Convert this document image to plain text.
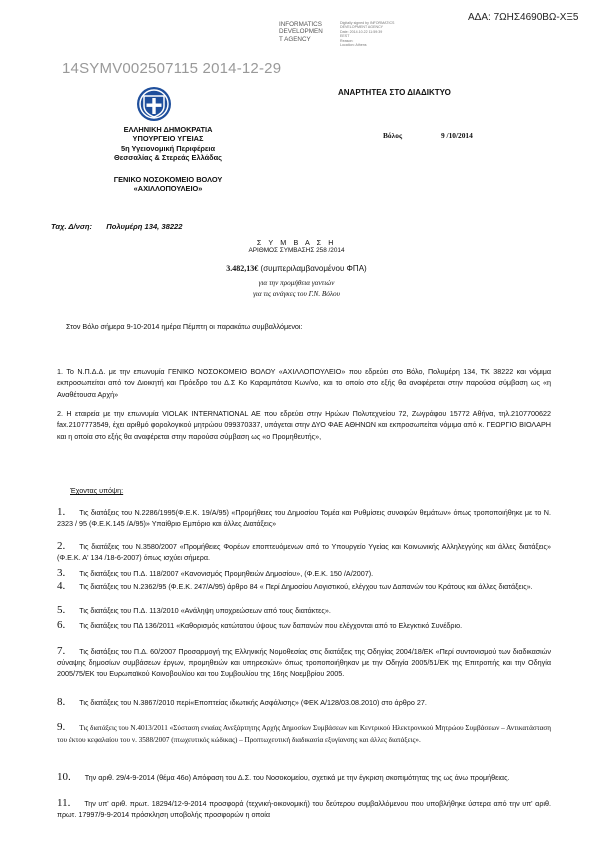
ΑΔΑ: 7ΩΗΣ4690ΒΩ-ΧΞ5
INFORMATICS
DEVELOPMEN
T AGENCY
Digitally signed by INFORMATICS
DEVELOPMENT AGENCY
Date: 2014.10.22 11:59:39
EEST
Reason:
Location: Athens
14SYMV002507115 2014-12-29
ΑΝΑΡΤΗΤΕΑ ΣΤΟ ΔΙΑΔΙΚΤΥΟ
ΕΛΛΗΝΙΚΗ ΔΗΜΟΚΡΑΤΙΑ
ΥΠΟΥΡΓΕΙΟ ΥΓΕΙΑΣ
5η Υγειονομική Περιφέρεια
Θεσσαλίας & Στερεάς Ελλάδας
ΓΕΝΙΚΟ ΝΟΣΟΚΟΜΕΙΟ ΒΟΛΟΥ
«ΑΧΙΛΛΟΠΟΥΛΕΙΟ»
Βόλος	9 /10/2014
Ταχ. Δ/νση: Πολυμέρη 134, 38222
Σ Υ Μ Β Α Σ Η
ΑΡΙΘΜΟΣ ΣΥΜΒΑΣΗΣ 258 /2014
3.482,13€ (συμπεριλαμβανομένου ΦΠΑ)
για την προμήθεια γαντιών
για τις ανάγκες του Γ.Ν. Βόλου
Στον Βόλο σήμερα 9-10-2014 ημέρα Πέμπτη οι παρακάτω συμβαλλόμενοι:
1. Το Ν.Π.Δ.Δ. με την επωνυμία ΓΕΝΙΚΟ ΝΟΣΟΚΟΜΕΙΟ ΒΟΛΟΥ «ΑΧΙΛΛΟΠΟΥΛΕΙΟ» που εδρεύει στο Βόλο, Πολυμέρη 134, ΤΚ 38222 και νόμιμα εκπροσωπείται από τον Διοικητή και Πρόεδρο του Δ.Σ Κο Καραμπάτσα Κων/νο, και το οποίο στο εξής θα αναφέρεται στην παρούσα σύμβαση ως «η Αναθέτουσα Αρχή»
2. Η εταιρεία με την επωνυμία VIOLAK INTERNATIONAL AE που εδρεύει στην Ηρώων Πολυτεχνείου 72, Ζωγράφου 15772 Αθήνα, τηλ.2107700622 fax.2107773549, έχει αριθμό φορολογικού μητρώου 099370337, υπάγεται στην ΔΥΟ ΦΑΕ ΑΘΗΝΩΝ και εκπροσωπείται νόμιμα από κ. ΓΕΩΡΓΙΟ ΒΙΟΛΑΡΗ και η οποία στο εξής θα αναφέρεται στην παρούσα σύμβαση ως «ο Προμηθευτής»,
Έχοντας υπόψη:
1. Τις διατάξεις του Ν.2286/1995(Φ.Ε.Κ. 19/Α/95) «Προμήθειες του Δημοσίου Τομέα και Ρυθμίσεις συναφών θεμάτων» όπως τροποποιήθηκε με το Ν. 2323 / 95 (Φ.Ε.Κ.145 /Α/95)» Υπαίθριο Εμπόριο και άλλες Διατάξεις»
2. Τις διατάξεις του Ν.3580/2007 «Προμήθειες Φορέων εποπτευόμενων από το Υπουργείο Υγείας και Κοινωνικής Αλληλεγγύης και άλλες διατάξεις» (Φ.Ε.Κ. Α' 134 /18-6-2007) όπως ισχύει σήμερα.
3. Τις διατάξεις του Π.Δ. 118/2007 «Κανονισμός Προμηθειών Δημοσίου», (Φ.Ε.Κ. 150 /Α/2007).
4. Τις διατάξεις του Ν.2362/95 (Φ.Ε.Κ. 247/Α/95) άρθρο 84 « Περί Δημοσίου Λογιστικού, ελέγχου των Δαπανών του Κράτους και άλλες διατάξεις».
5. Τις διατάξεις του Π.Δ. 113/2010 «Ανάληψη υποχρεώσεων από τους διατάκτες».
6. Τις διατάξεις του ΠΔ 136/2011 «Καθορισμός κατώτατου ύψους των δαπανών που ελέγχονται από το Ελεγκτικό Συνέδριο.
7. Τις διατάξεις του Π.Δ. 60/2007 Προσαρμογή της Ελληνικής Νομοθεσίας στις διατάξεις της Οδηγίας 2004/18/ΕΚ «Περί συντονισμού των διαδικασιών σύναψης δημοσίων συμβάσεων έργων, προμηθειών και υπηρεσιών» όπως τροποποιήθηκαν με την Οδηγία 2005/51/ΕΚ της Επιτροπής και την Οδηγία 2005/75/ΕΚ του Ευρωπαϊκού Κοινοβουλίου και του Συμβουλίου της 16ης Νοεμβρίου 2005.
8. Τις διατάξεις του Ν.3867/2010 περί«Εποπτείας ιδιωτικής Ασφάλισης» (ΦΕΚ Α/128/03.08.2010) στο άρθρο 27.
9. Τις διατάξεις του Ν.4013/2011 «Σύσταση ενιαίας Ανεξάρτητης Αρχής Δημοσίων Συμβάσεων και Κεντρικού Ηλεκτρονικού Μητρώου Συμβάσεων – Αντικατάσταση του έκτου κεφαλαίου του ν. 3588/2007 (πτωχευτικός κώδικας) – Προπτωχευτική διαδικασία εξυγίανσης και άλλες διατάξεις».
10. Την αριθ. 29/4-9-2014 (θέμα 46ο) Απόφαση του Δ.Σ. του Νοσοκομείου, σχετικά με την έγκριση σκοπιμότητας της ως άνω προμήθειας.
11. Την υπ' αριθ. πρωτ. 18294/12-9-2014 προσφορά (τεχνική-οικονομική) του δεύτερου συμβαλλόμενου που υποβλήθηκε ύστερα από την υπ' αριθ. πρωτ. 17997/9-9-2014 πρόσκληση υποβολής προσφορών η οποία
